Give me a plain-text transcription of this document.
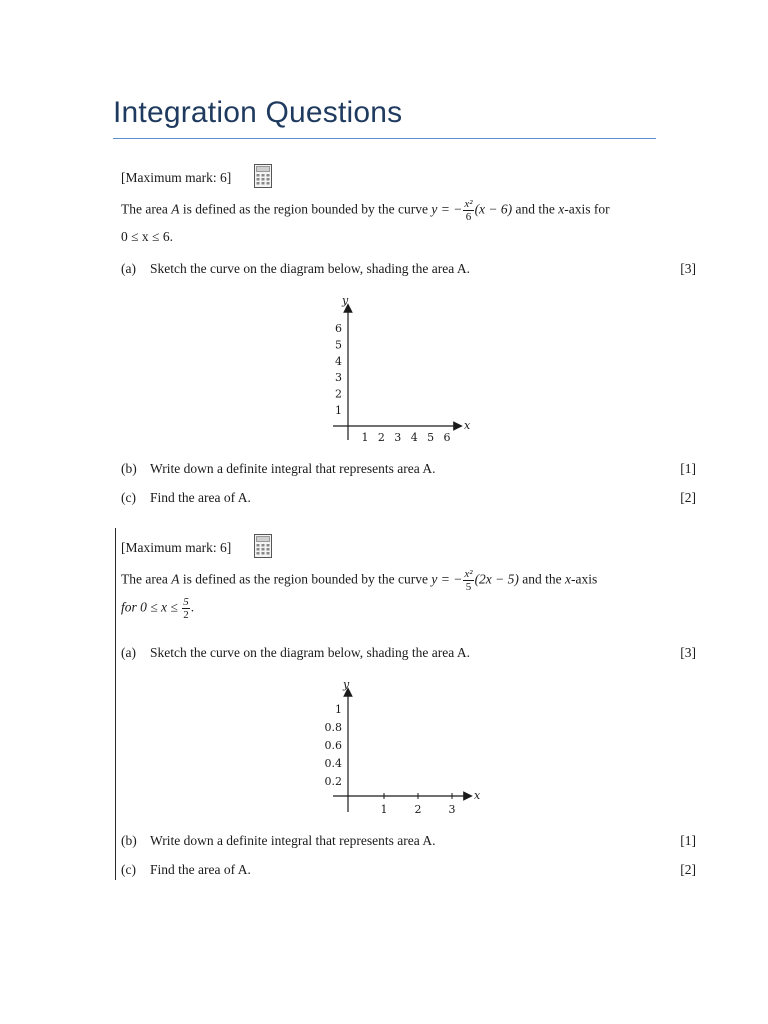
Integration Questions
[Maximum mark: 6]
The area A is defined as the region bounded by the curve y = − $\frac{\text{x²}}{6} (x - 6)$ and the x-axis for
0 ≤ x ≤ 6.
(a) Sketch the curve on the diagram below, shading the area A.	[3]
1 2 3 4 5 6
1
2
3
4
5
6
y
x
(b) Write down a definite integral that represents area A.	[1]
(c) Find the area of A.	[2]
[Maximum mark: 6]
The area A is defined as the region bounded by the curve y = − $\frac{\text{x²}}{5} (2x - 5)$ and the x-axis
for $0 \le x \le \frac{5}{2}$ .
(a) Sketch the curve on the diagram below, shading the area A.	[3]
1 2 3
0.2
0.4
0.6
0.8
1
y
x
(b) Write down a definite integral that represents area A.	[1]
(c) Find the area of A.	[2]
